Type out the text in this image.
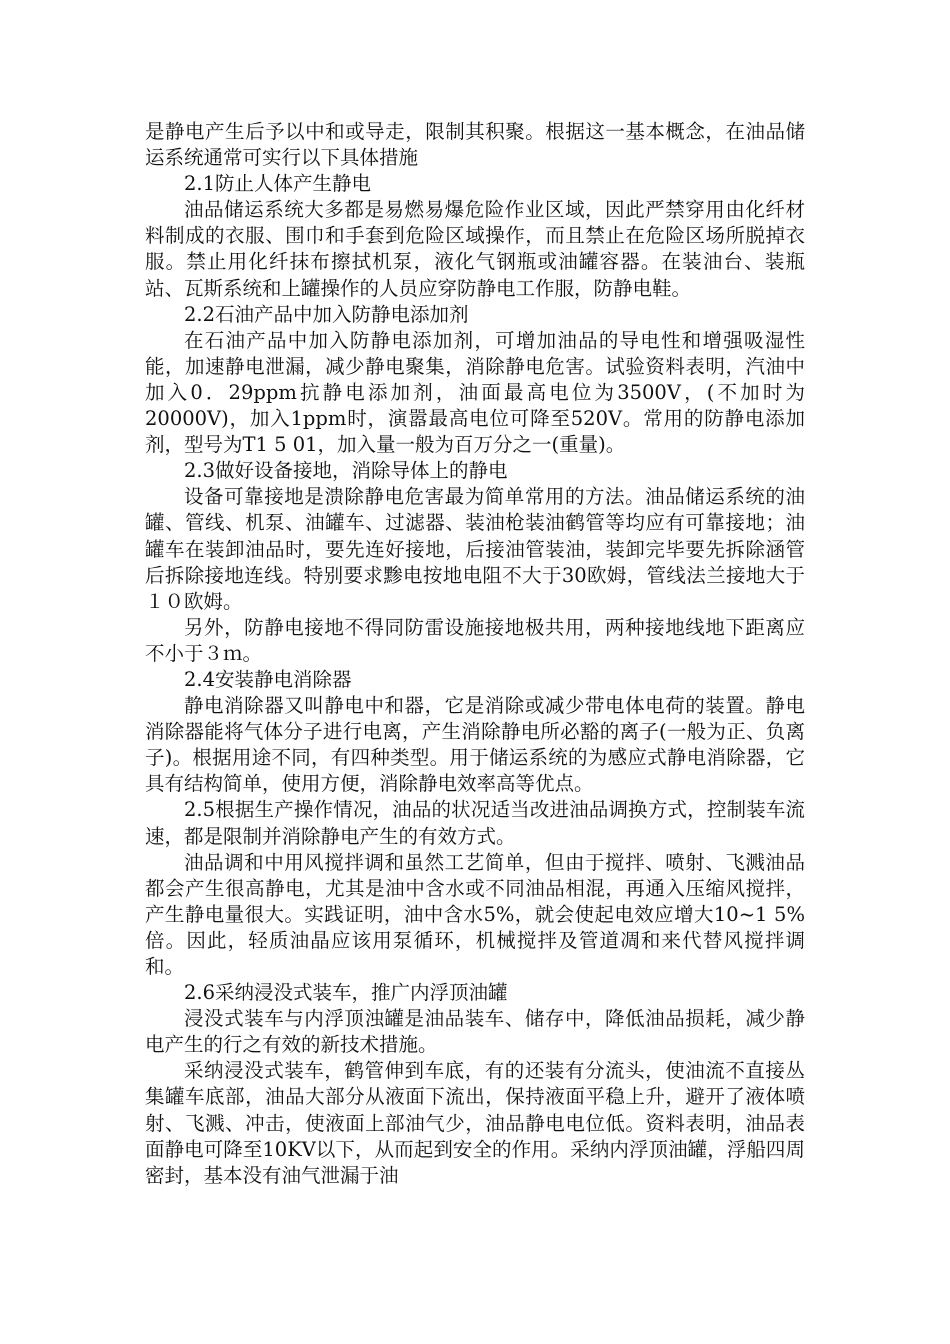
是静电产生后予以中和或导走，限制其积聚。根据这一基本概念，在油品储运系统通常可实行以下具体措施

2.1防止人体产生静电

油品储运系统大多都是易燃易爆危险作业区域，因此严禁穿用由化纤材料制成的衣服、围巾和手套到危险区域操作，而且禁止在危险区场所脱掉衣服。禁止用化纤抹布擦拭机泵，液化气钢瓶或油罐容器。在装油台、装瓶站、瓦斯系统和上罐操作的人员应穿防静电工作服，防静电鞋。

2.2石油产品中加入防静电添加剂

在石油产品中加入防静电添加剂，可增加油品的导电性和增强吸湿性能，加速静电泄漏，减少静电聚集，消除静电危害。试验资料表明，汽油中加入0．29ppm抗静电添加剂，油面最高电位为3500V，(不加时为20000V)，加入1ppm时，演嚣最高电位可降至520V。常用的防静电添加剂，型号为T1 5 01，加入量一般为百万分之一(重量)。

2.3做好设备接地，消除导体上的静电

设备可靠接地是溃除静电危害最为简单常用的方法。油品储运系统的油罐、管线、机泵、油罐车、过滤器、装油枪装油鹤管等均应有可靠接地；油罐车在装卸油品时，要先连好接地，后接油管装油，装卸完毕要先拆除涵管后拆除接地连线。特别要求黪电按地电阻不大于30欧姆，管线法兰接地大于１０欧姆。

另外，防静电接地不得同防雷设施接地极共用，两种接地线地下距离应不小于３ｍ。

2.4安装静电消除器

静电消除器又叫静电中和器，它是消除或减少带电体电荷的装置。静电消除器能将气体分子进行电离，产生消除静电所必豁的离子(一般为正、负离子)。根据用途不同，有四种类型。用于储运系统的为感应式静电消除器，它具有结构简单，使用方便，消除静电效率高等优点。

2.5根据生产操作情况，油品的状况适当改进油品调换方式，控制装车流速，都是限制并消除静电产生的有效方式。

油品调和中用风搅拌调和虽然工艺简单，但由于搅拌、喷射、飞溅油品都会产生很高静电，尤其是油中含水或不同油品相混，再通入压缩风搅拌，产生静电量很大。实践证明，油中含水5%，就会使起电效应增大10~1 5%倍。因此，轻质油晶应该用泵循环，机械搅拌及管道凋和来代替风搅拌调和。

2.6采纳浸没式装车，推广内浮顶油罐

浸没式装车与内浮顶浊罐是油品装车、储存中，降低油品损耗，减少静电产生的行之有效的新技术措施。

采纳浸没式装车，鹤管伸到车底，有的还装有分流头，使油流不直接丛集罐车底部，油品大部分从液面下流出，保持液面平稳上升，避开了液体喷射、飞溅、冲击，使液面上部油气少，油品静电电位低。资料表明，油品表面静电可降至10KV以下，从而起到安全的作用。采纳内浮顶油罐，浮船四周密封，基本没有油气泄漏于油
